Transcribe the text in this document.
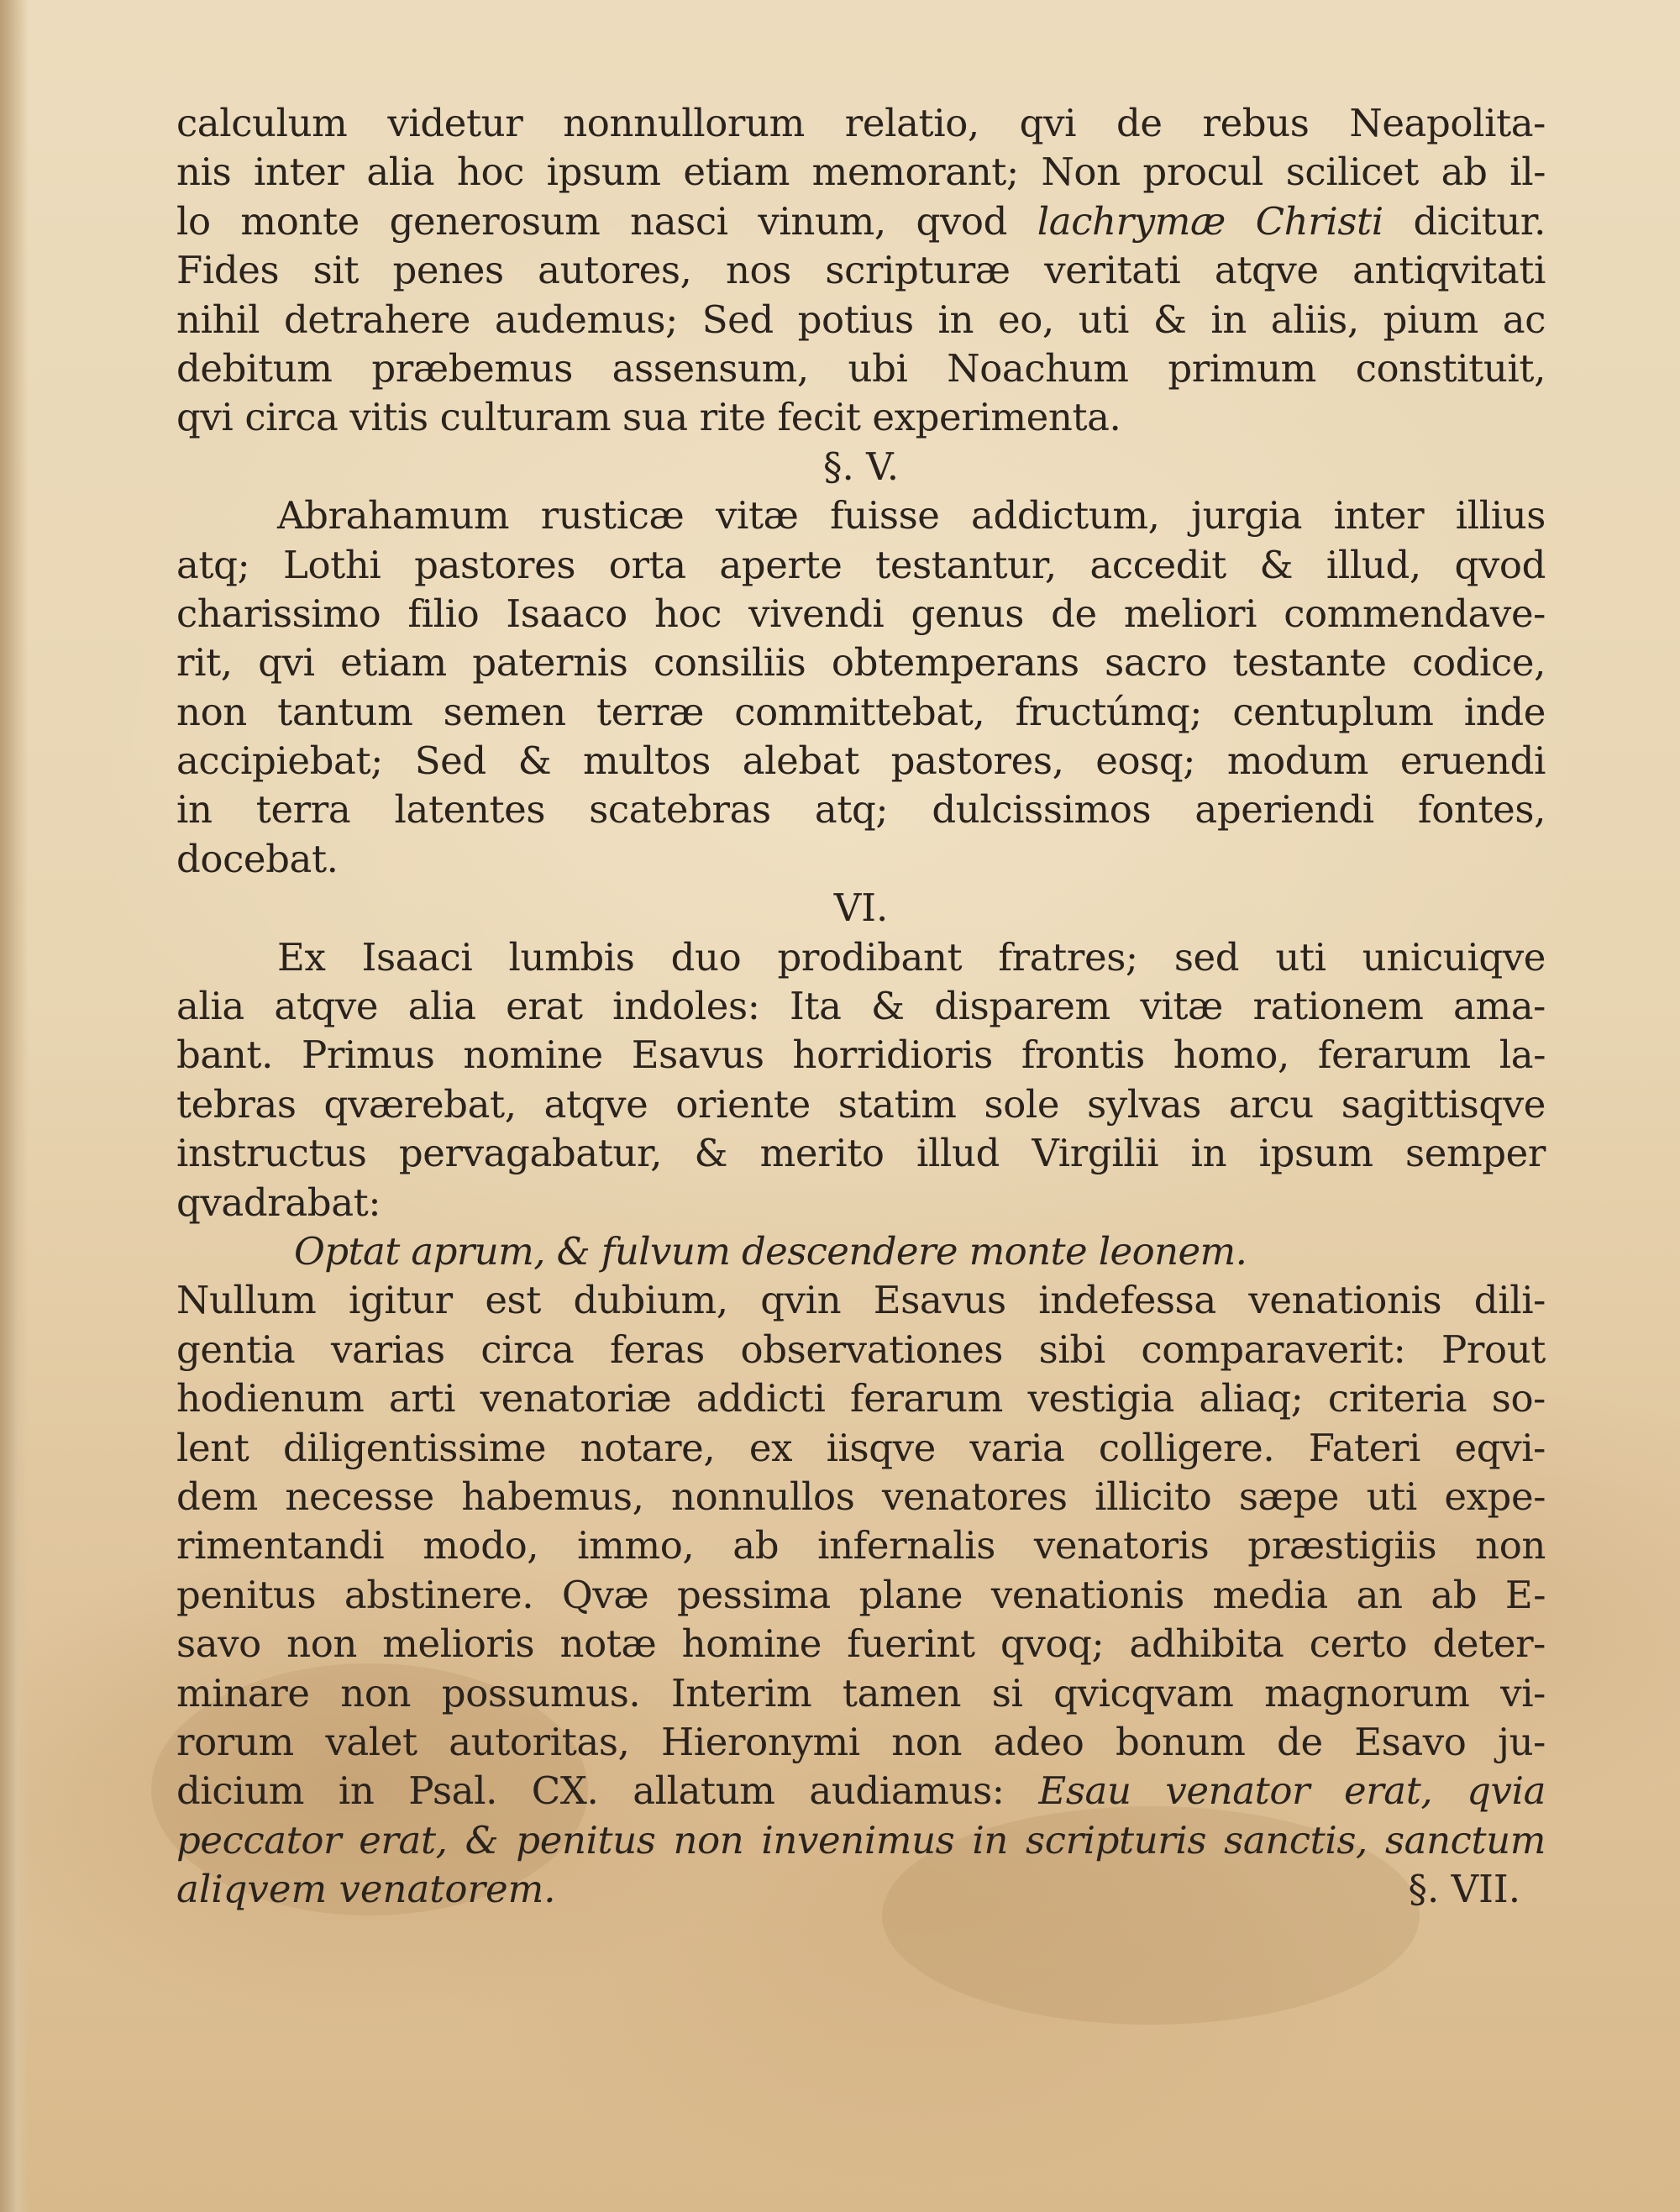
calculum videtur nonnullorum relatio, qvi de rebus Neapolita-
nis inter alia hoc ipsum etiam memorant; Non procul scilicet ab il-
lo monte generosum nasci vinum, qvod lachrymæ Christi dicitur.
Fides sit penes autores, nos scripturæ veritati atqve antiqvitati
nihil detrahere audemus; Sed potius in eo, uti & in aliis, pium ac
debitum præbemus assensum, ubi Noachum primum constituit,
qvi circa vitis culturam sua rite fecit experimenta.
§. V.
Abrahamum rusticæ vitæ fuisse addictum, jurgia inter illius
atq; Lothi pastores orta aperte testantur, accedit & illud, qvod
charissimo filio Isaaco hoc vivendi genus de meliori commendave-
rit, qvi etiam paternis consiliis obtemperans sacro testante codice,
non tantum semen terræ committebat, fructúmq; centuplum inde
accipiebat; Sed & multos alebat pastores, eosq; modum eruendi
in terra latentes scatebras atq; dulcissimos aperiendi fontes,
docebat.
VI.
Ex Isaaci lumbis duo prodibant fratres; sed uti unicuiqve
alia atqve alia erat indoles: Ita & disparem vitæ rationem ama-
bant. Primus nomine Esavus horridioris frontis homo, ferarum la-
tebras qværebat, atqve oriente statim sole sylvas arcu sagittisqve
instructus pervagabatur, & merito illud Virgilii in ipsum semper
qvadrabat:
Optat aprum, & fulvum descendere monte leonem.
Nullum igitur est dubium, qvin Esavus indefessa venationis dili-
gentia varias circa feras observationes sibi comparaverit: Prout
hodienum arti venatoriæ addicti ferarum vestigia aliaq; criteria so-
lent diligentissime notare, ex iisqve varia colligere. Fateri eqvi-
dem necesse habemus, nonnullos venatores illicito sæpe uti expe-
rimentandi modo, immo, ab infernalis venatoris præstigiis non
penitus abstinere. Qvæ pessima plane venationis media an ab E-
savo non melioris notæ homine fuerint qvoq; adhibita certo deter-
minare non possumus. Interim tamen si qvicqvam magnorum vi-
rorum valet autoritas, Hieronymi non adeo bonum de Esavo ju-
dicium in Psal. CX. allatum audiamus: Esau venator erat, qvia
peccator erat, & penitus non invenimus in scripturis sanctis, sanctum
aliqvem venatorem.	§. VII.
